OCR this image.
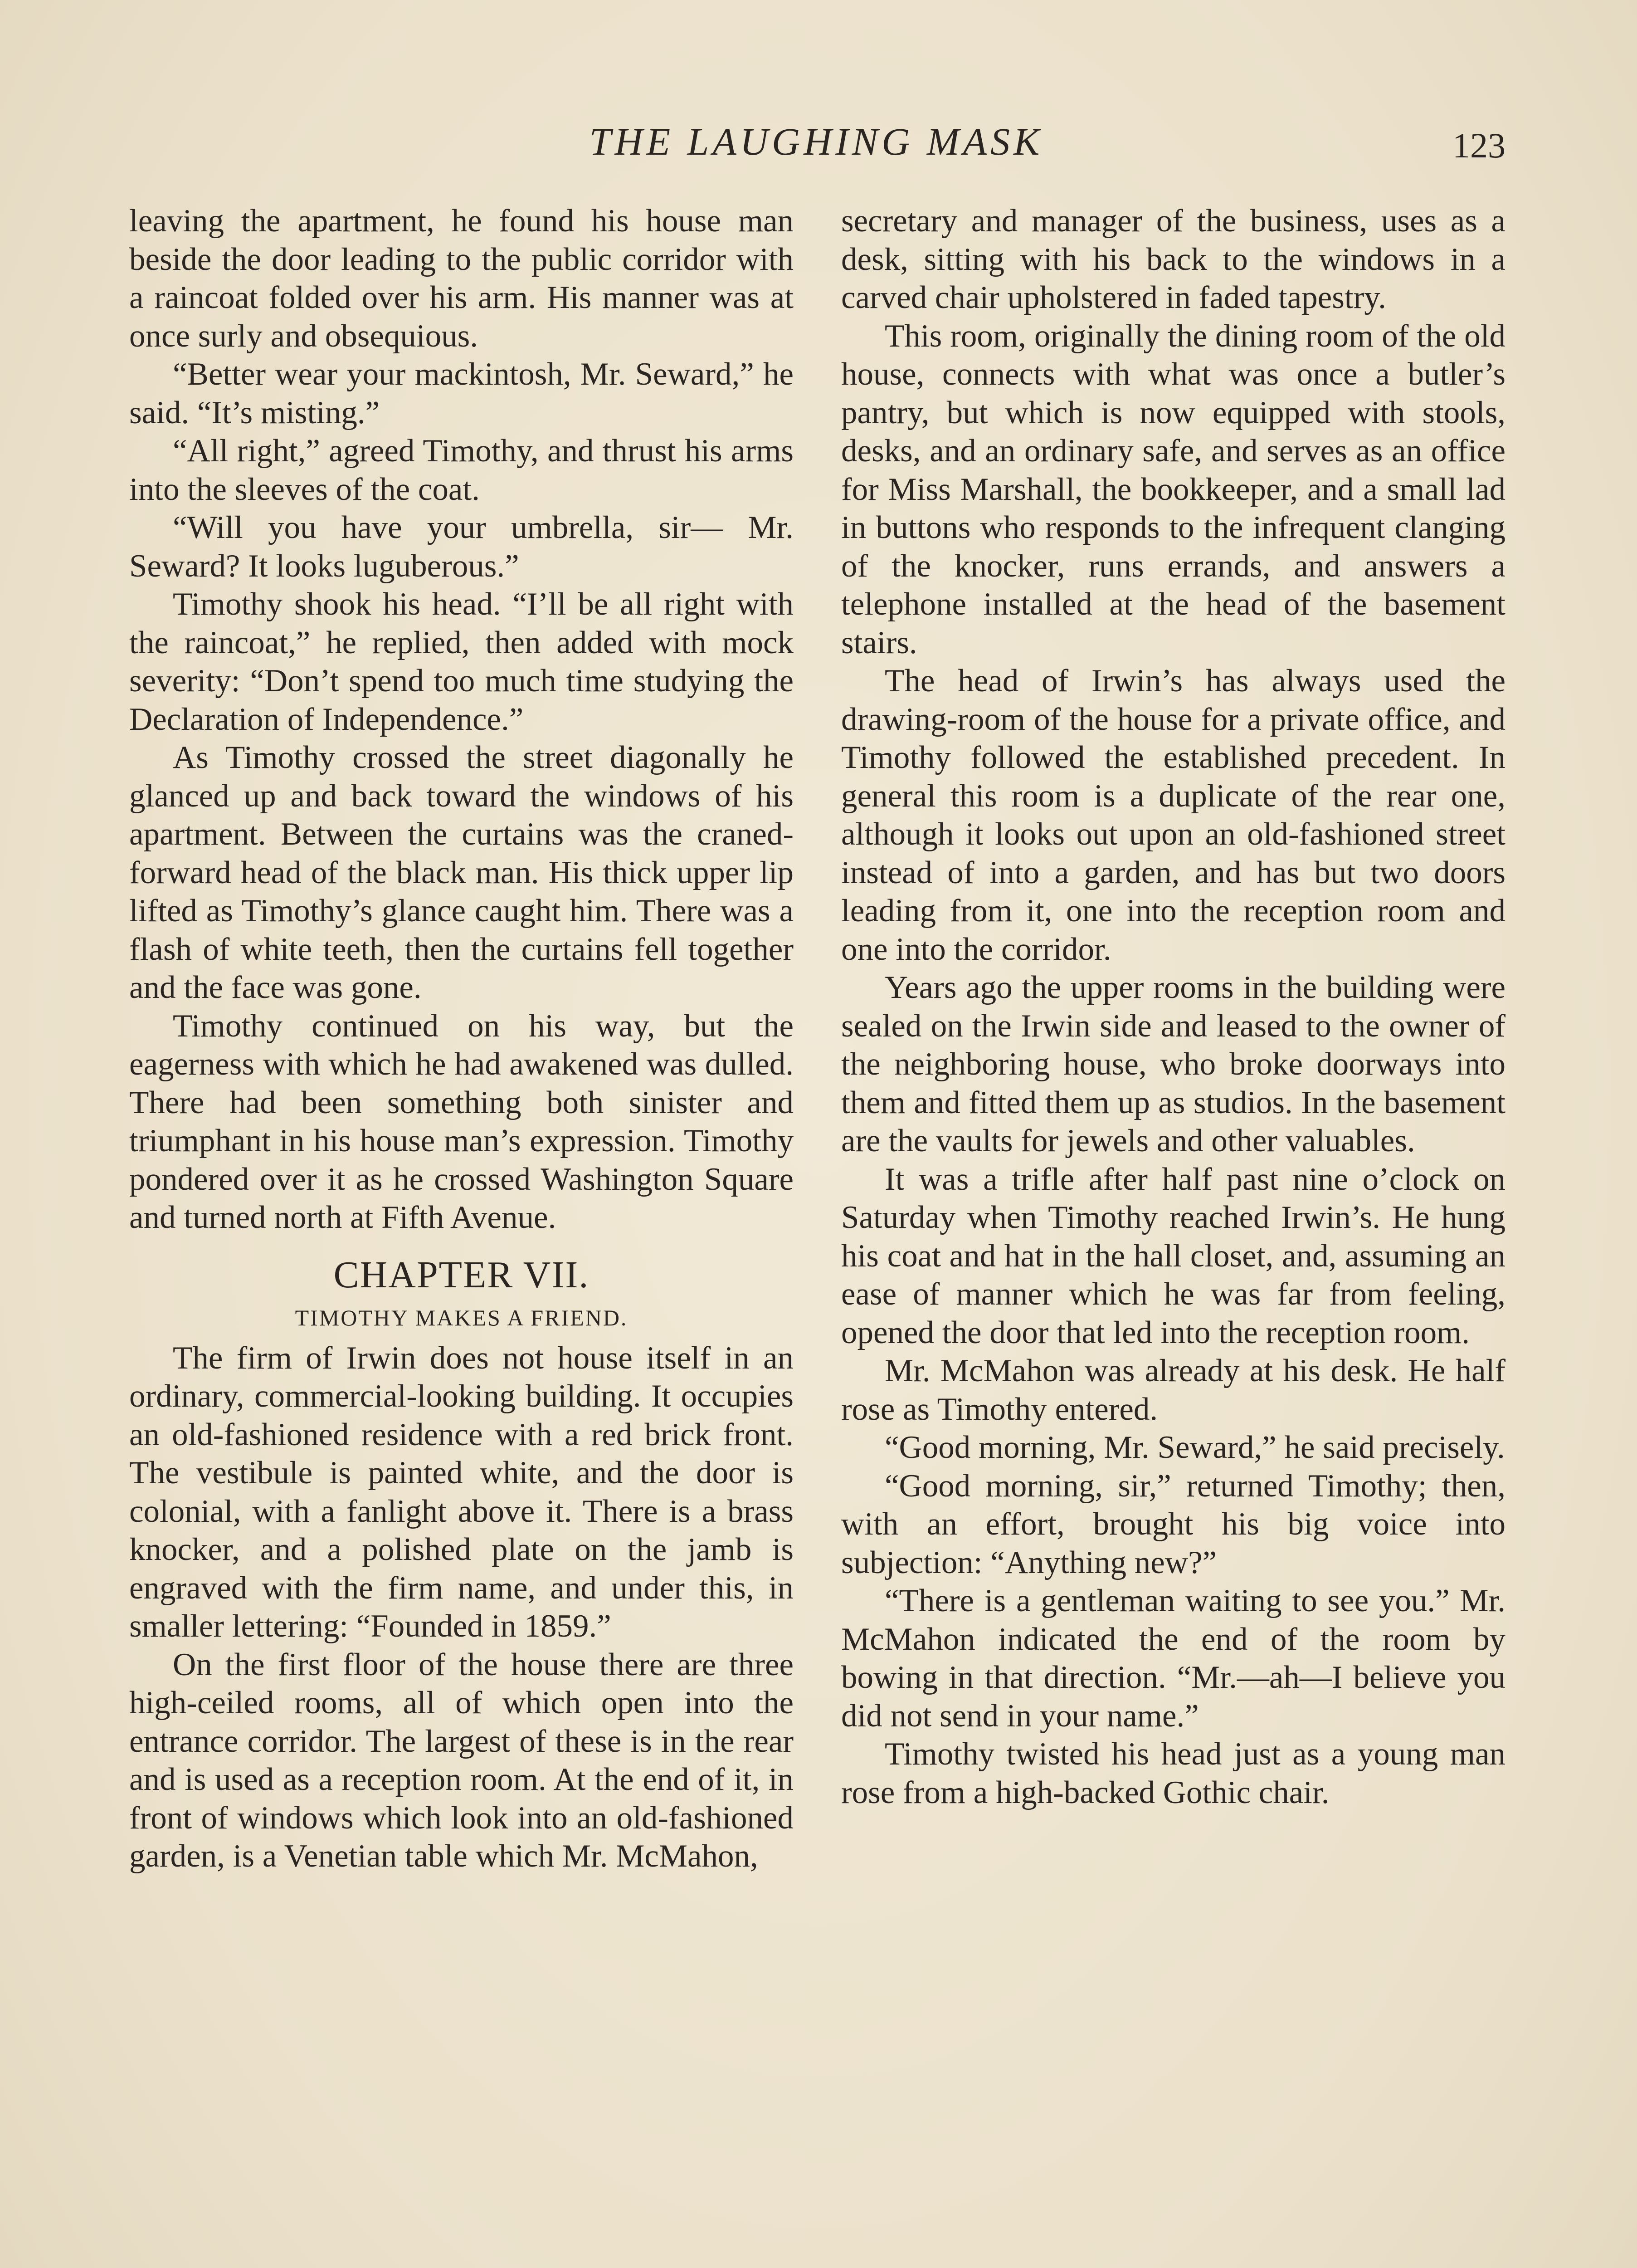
THE LAUGHING MASK	123

leaving the apartment, he found his house man beside the door leading to the public corridor with a raincoat folded over his arm. His manner was at once surly and obsequious.

“Better wear your mackintosh, Mr. Seward,” he said. “It’s misting.”

“All right,” agreed Timothy, and thrust his arms into the sleeves of the coat.

“Will you have your umbrella, sir— Mr. Seward? It looks luguberous.”

Timothy shook his head. “I’ll be all right with the raincoat,” he replied, then added with mock severity: “Don’t spend too much time studying the Declaration of Independence.”

As Timothy crossed the street diagonally he glanced up and back toward the windows of his apartment. Between the curtains was the craned-forward head of the black man. His thick upper lip lifted as Timothy’s glance caught him. There was a flash of white teeth, then the curtains fell together and the face was gone.

Timothy continued on his way, but the eagerness with which he had awakened was dulled. There had been something both sinister and triumphant in his house man’s expression. Timothy pondered over it as he crossed Washington Square and turned north at Fifth Avenue.

CHAPTER VII.
TIMOTHY MAKES A FRIEND.

The firm of Irwin does not house itself in an ordinary, commercial-looking building. It occupies an old-fashioned residence with a red brick front. The vestibule is painted white, and the door is colonial, with a fanlight above it. There is a brass knocker, and a polished plate on the jamb is engraved with the firm name, and under this, in smaller lettering: “Founded in 1859.”

On the first floor of the house there are three high-ceiled rooms, all of which open into the entrance corridor. The largest of these is in the rear and is used as a reception room. At the end of it, in front of windows which look into an old-fashioned garden, is a Venetian table which Mr. McMahon,

secretary and manager of the business, uses as a desk, sitting with his back to the windows in a carved chair upholstered in faded tapestry.

This room, originally the dining room of the old house, connects with what was once a butler’s pantry, but which is now equipped with stools, desks, and an ordinary safe, and serves as an office for Miss Marshall, the bookkeeper, and a small lad in buttons who responds to the infrequent clanging of the knocker, runs errands, and answers a telephone installed at the head of the basement stairs.

The head of Irwin’s has always used the drawing-room of the house for a private office, and Timothy followed the established precedent. In general this room is a duplicate of the rear one, although it looks out upon an old-fashioned street instead of into a garden, and has but two doors leading from it, one into the reception room and one into the corridor.

Years ago the upper rooms in the building were sealed on the Irwin side and leased to the owner of the neighboring house, who broke doorways into them and fitted them up as studios. In the basement are the vaults for jewels and other valuables.

It was a trifle after half past nine o’clock on Saturday when Timothy reached Irwin’s. He hung his coat and hat in the hall closet, and, assuming an ease of manner which he was far from feeling, opened the door that led into the reception room.

Mr. McMahon was already at his desk. He half rose as Timothy entered.

“Good morning, Mr. Seward,” he said precisely.

“Good morning, sir,” returned Timothy; then, with an effort, brought his big voice into subjection: “Anything new?”

“There is a gentleman waiting to see you.” Mr. McMahon indicated the end of the room by bowing in that direction. “Mr.—ah—I believe you did not send in your name.”

Timothy twisted his head just as a young man rose from a high-backed Gothic chair.
